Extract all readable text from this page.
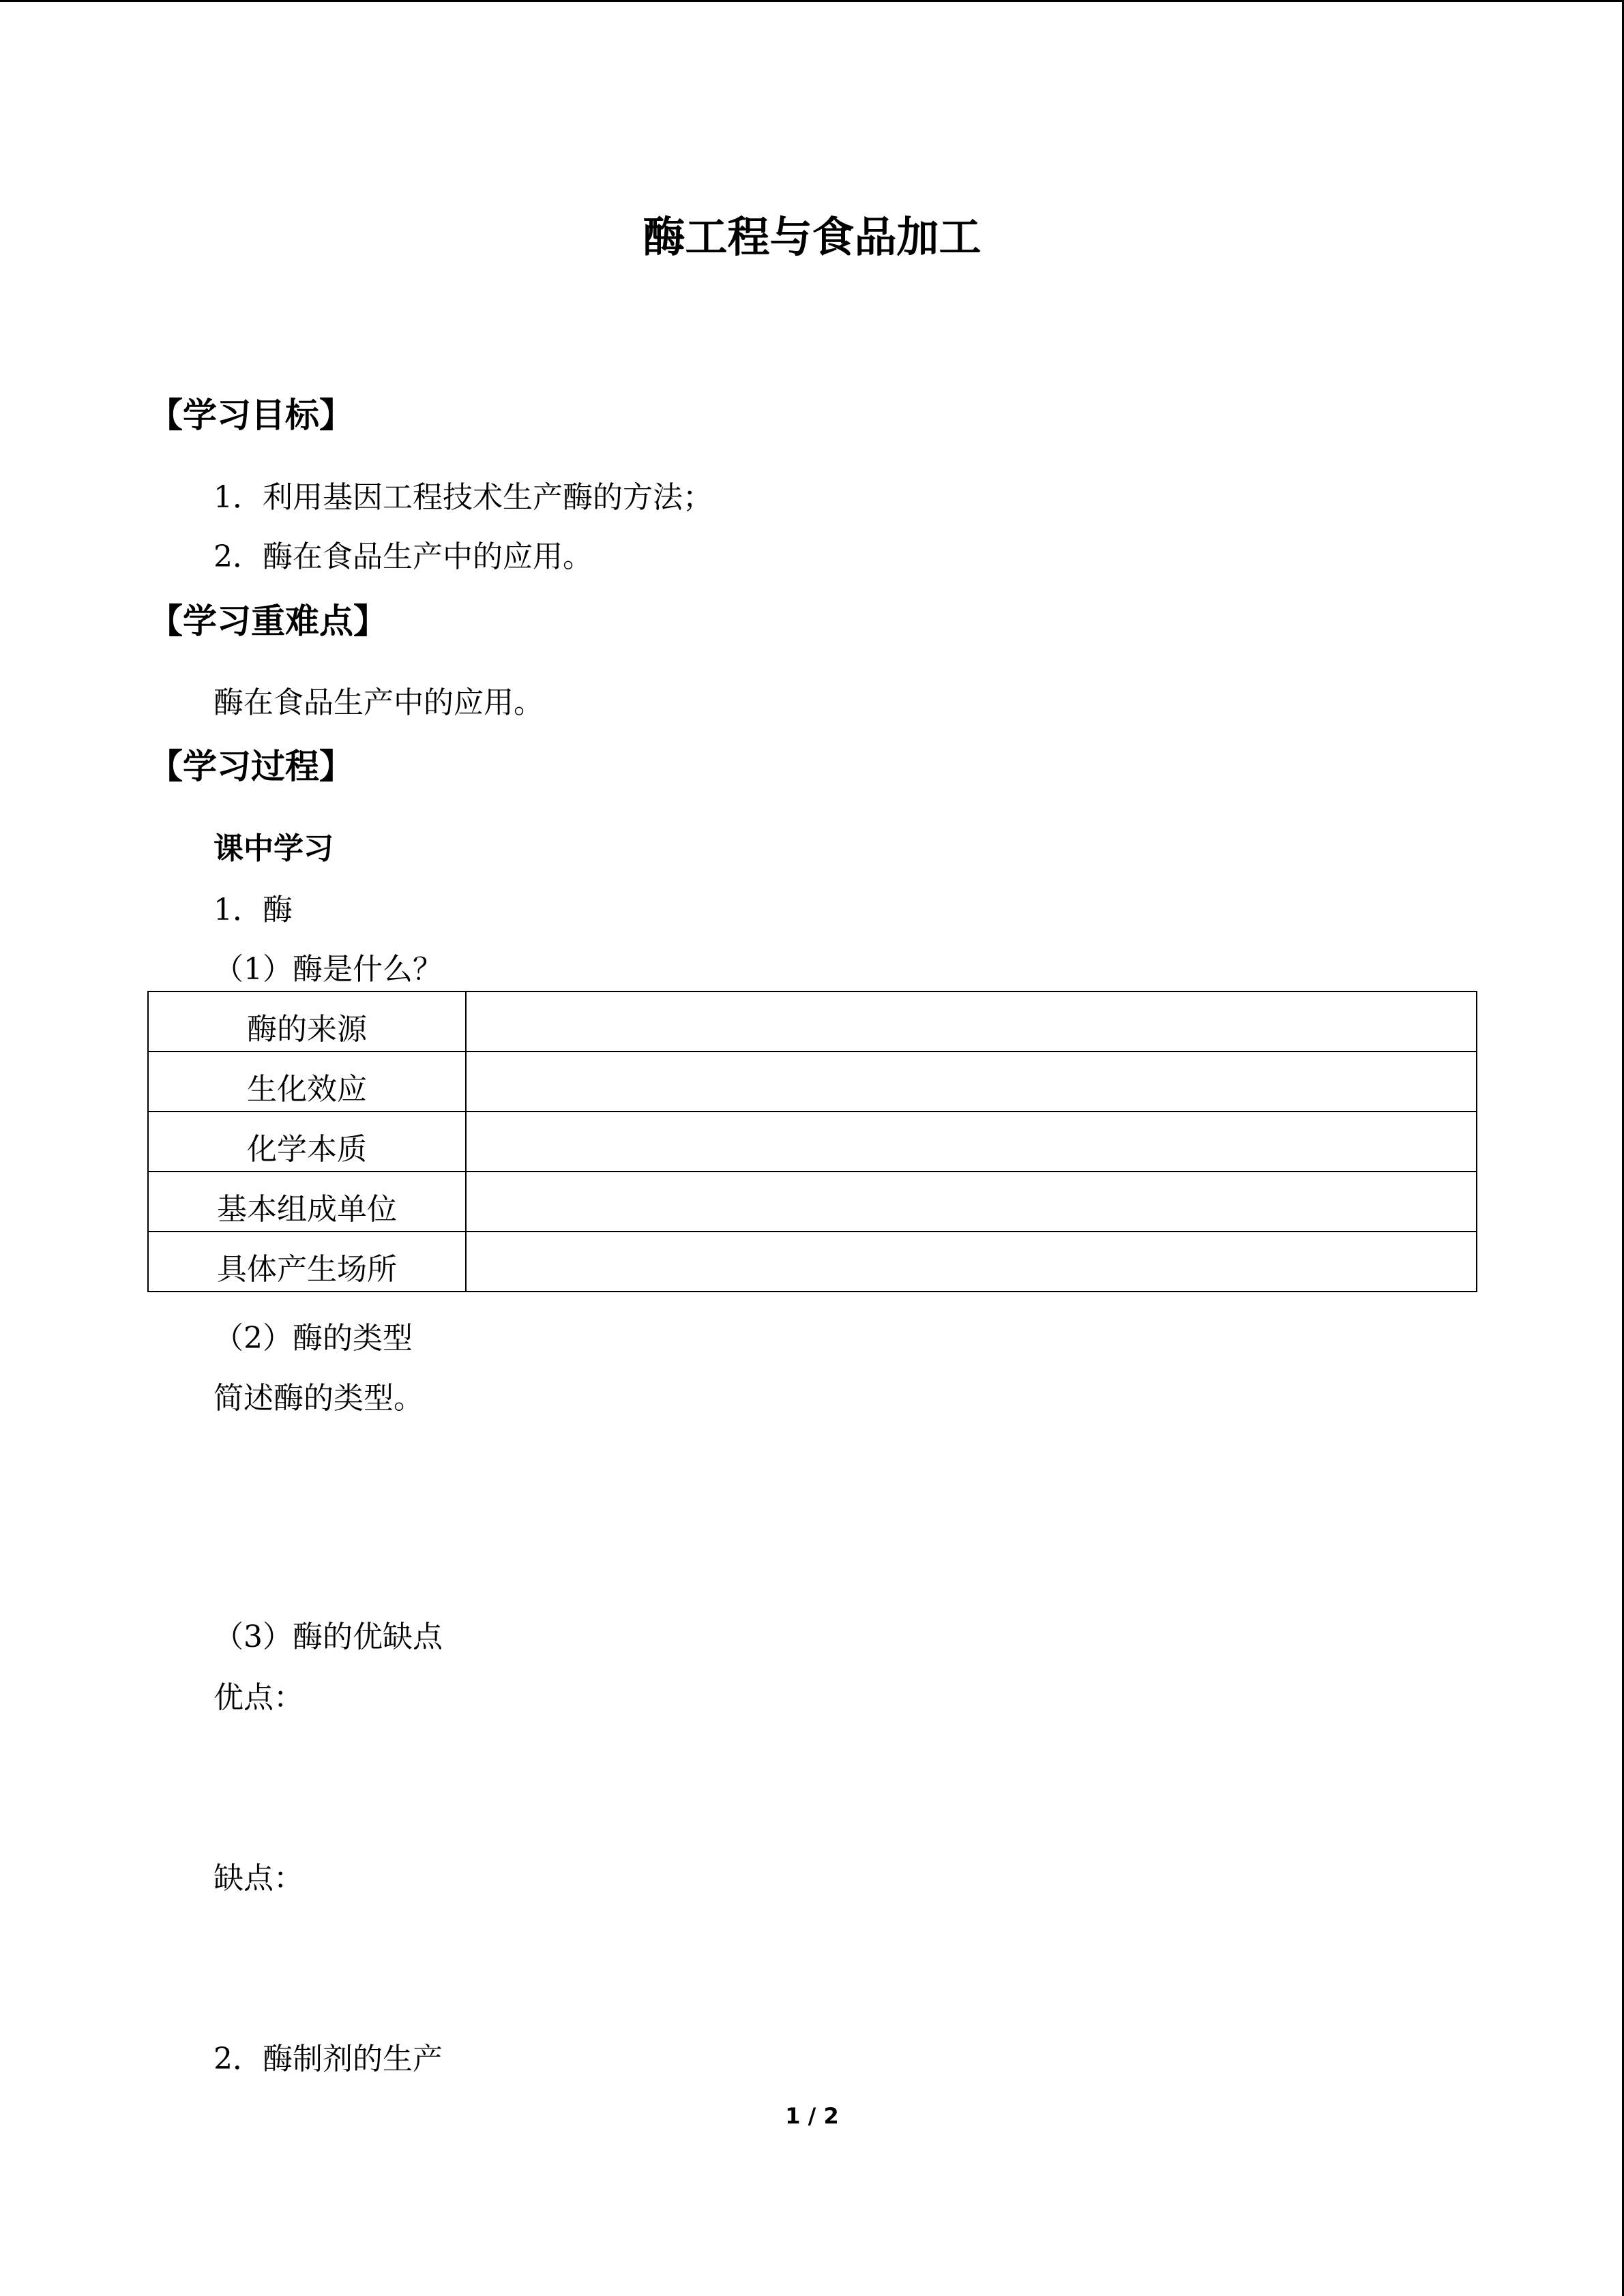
酶工程与食品加工
【学习目标】
1．利用基因工程技术生产酶的方法；
2．酶在食品生产中的应用。
【学习重难点】
酶在食品生产中的应用。
【学习过程】
课中学习
1．酶
（1）酶是什么？
酶的来源	
生化效应	
化学本质	
基本组成单位	
具体产生场所	
（2）酶的类型
简述酶的类型。
（3）酶的优缺点
优点：
缺点：
2．酶制剂的生产
1 / 2
